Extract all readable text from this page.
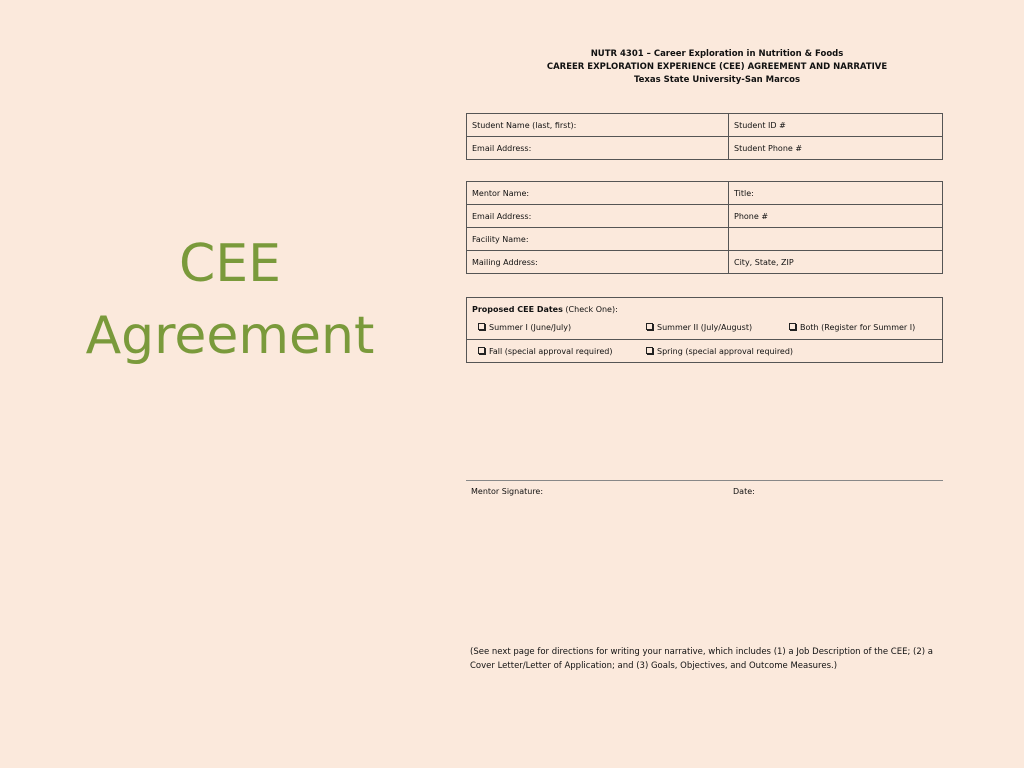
CEE
Agreement
NUTR 4301 – Career Exploration in Nutrition & Foods
CAREER EXPLORATION EXPERIENCE (CEE) AGREEMENT AND NARRATIVE
Texas State University-San Marcos
Student Name (last, first):	Student ID #
Email Address:	Student Phone #
Mentor Name:	Title:
Email Address:	Phone #
Facility Name:	
Mailing Address:	City, State, ZIP
Proposed CEE Dates (Check One):
Summer I (June/July)	Summer II (July/August)	Both (Register for Summer I)
Fall (special approval required)	Spring (special approval required)
Mentor Signature:	Date:
(See next page for directions for writing your narrative, which includes (1) a Job Description of the CEE; (2) a Cover Letter/Letter of Application; and (3) Goals, Objectives, and Outcome Measures.)
